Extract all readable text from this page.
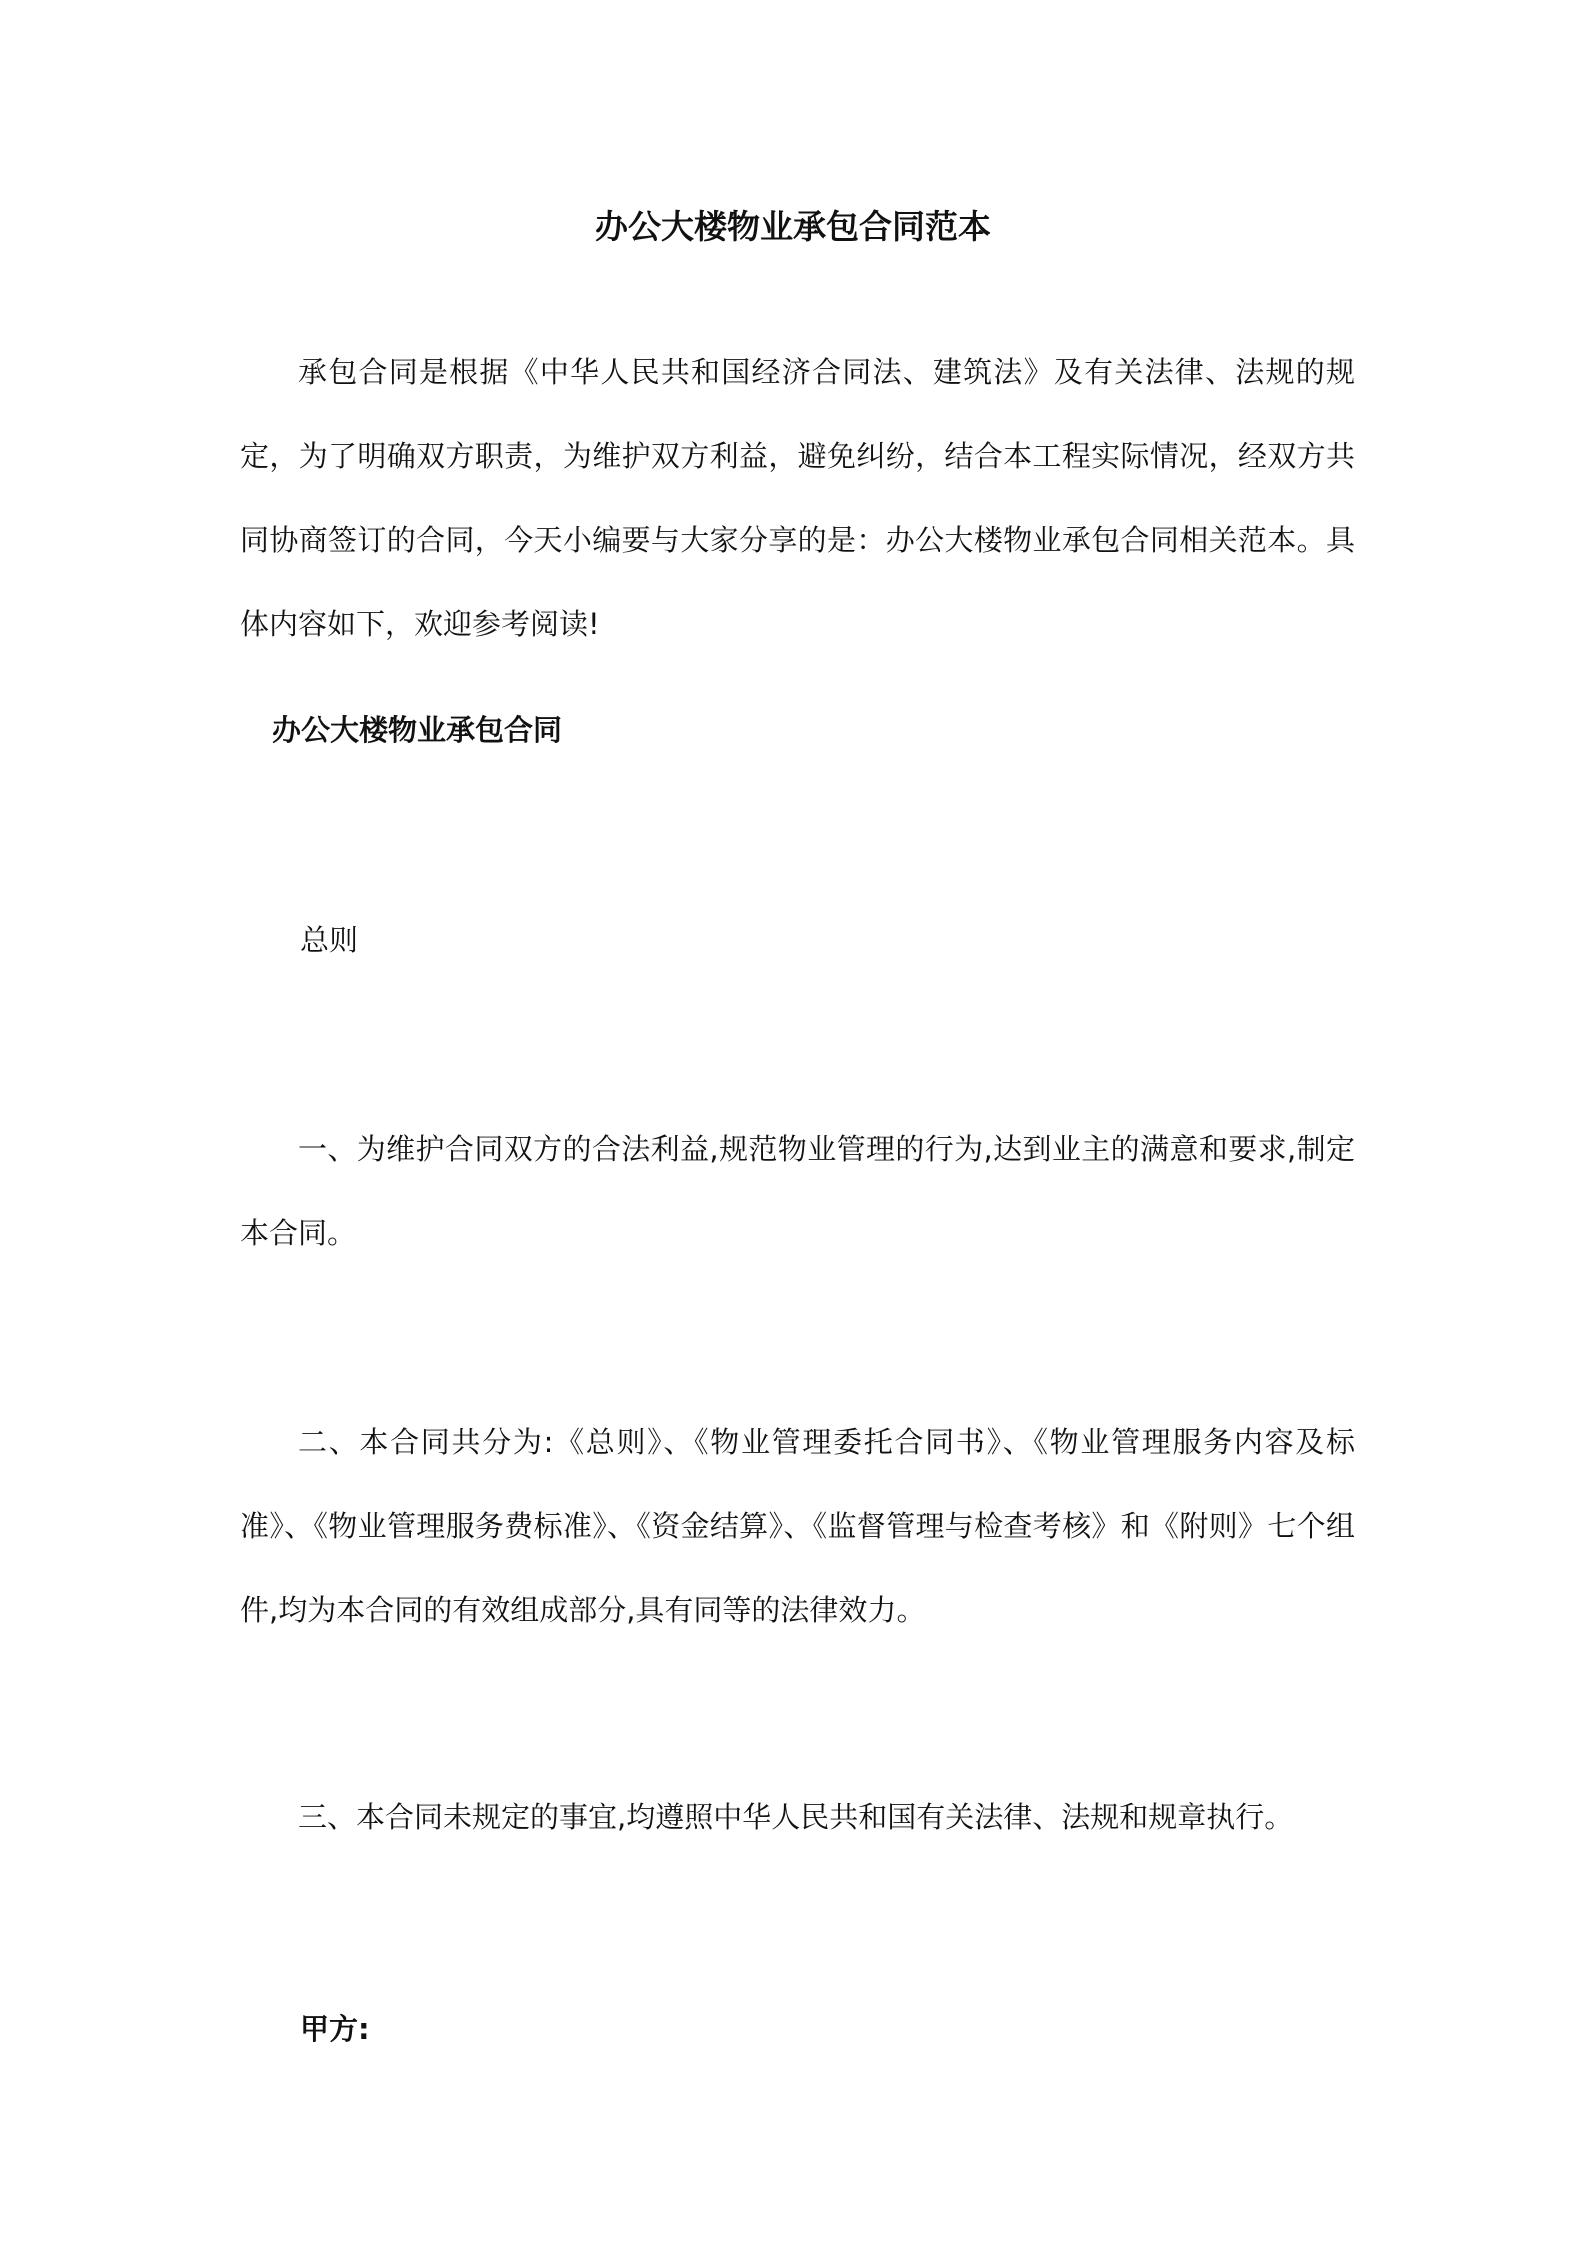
办公大楼物业承包合同范本
承包合同是根据《中华人民共和国经济合同法、建筑法》及有关法律、法规的规定，为了明确双方职责，为维护双方利益，避免纠纷，结合本工程实际情况，经双方共同协商签订的合同，今天小编要与大家分享的是：办公大楼物业承包合同相关范本。具体内容如下，欢迎参考阅读!
办公大楼物业承包合同
总则
一、为维护合同双方的合法利益,规范物业管理的行为,达到业主的满意和要求,制定本合同。
二、本合同共分为:《总则》、《物业管理委托合同书》、《物业管理服务内容及标准》、《物业管理服务费标准》、《资金结算》、《监督管理与检查考核》和《附则》七个组件,均为本合同的有效组成部分,具有同等的法律效力。
三、本合同未规定的事宜,均遵照中华人民共和国有关法律、法规和规章执行。
甲方:
